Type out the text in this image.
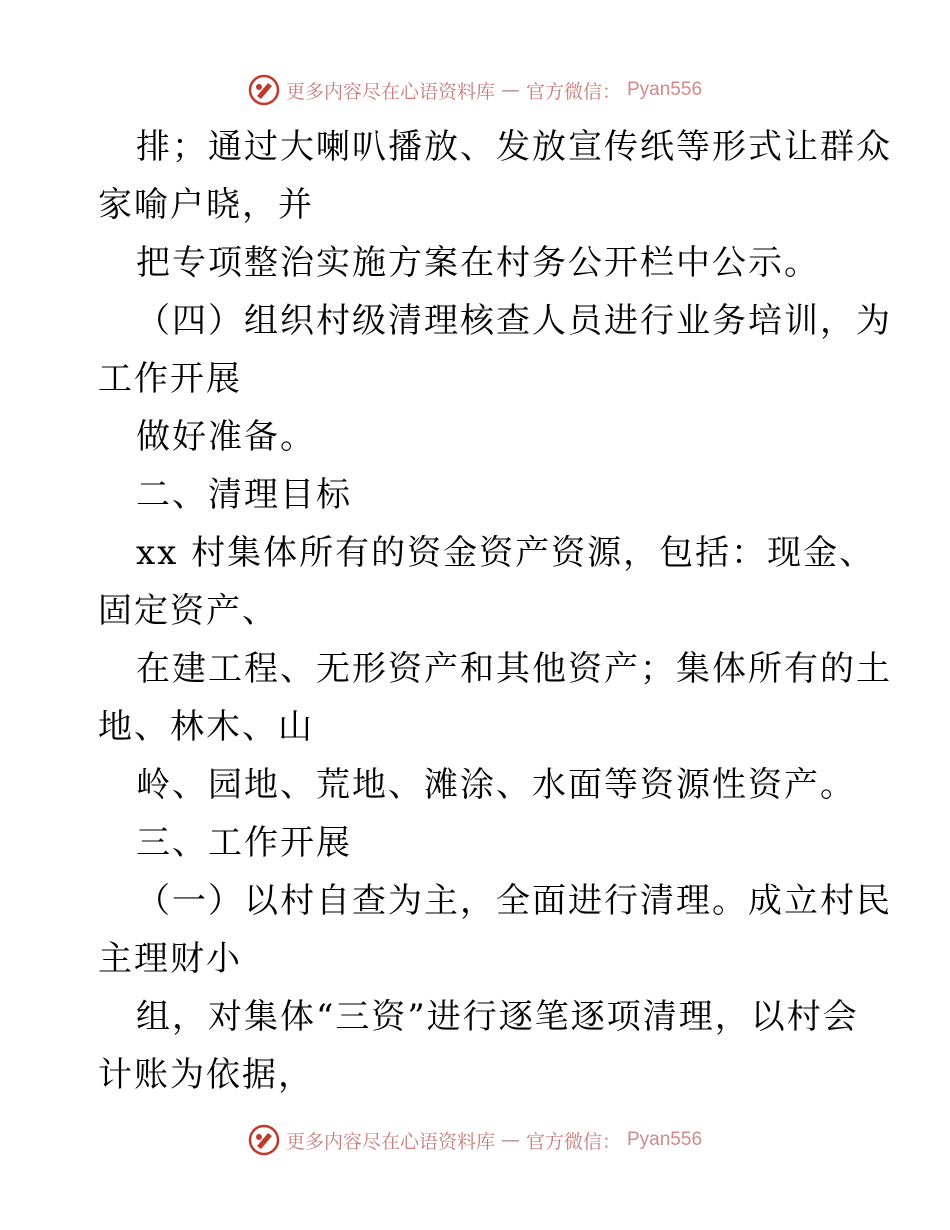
更多内容尽在心语资料库 — 官方微信： Pyan556
排；通过大喇叭播放、发放宣传纸等形式让群众
家喻户晓，并
把专项整治实施方案在村务公开栏中公示。
（四）组织村级清理核查人员进行业务培训，为
工作开展
做好准备。
二、清理目标
xx 村集体所有的资金资产资源，包括：现金、
固定资产、
在建工程、无形资产和其他资产；集体所有的土
地、林木、山
岭、园地、荒地、滩涂、水面等资源性资产。
三、工作开展
（一）以村自查为主，全面进行清理。成立村民
主理财小
组，对集体“三资”进行逐笔逐项清理，以村会
计账为依据，
更多内容尽在心语资料库 — 官方微信： Pyan556
